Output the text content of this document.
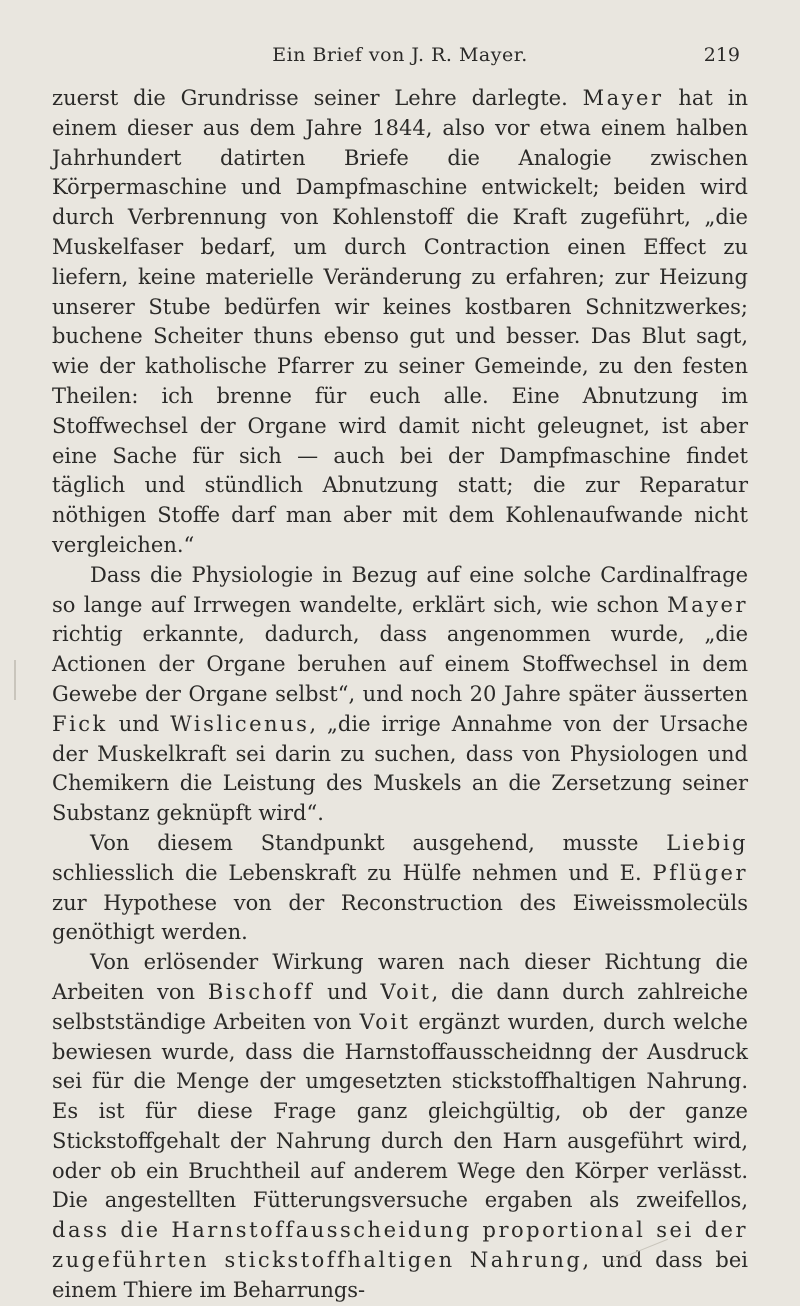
Ein Brief von J. R. Mayer.	219

zuerst die Grundrisse seiner Lehre darlegte. Mayer hat in einem dieser aus dem Jahre 1844, also vor etwa einem halben Jahrhundert datirten Briefe die Analogie zwischen Körpermaschine und Dampfmaschine entwickelt; beiden wird durch Verbrennung von Kohlenstoff die Kraft zugeführt, „die Muskelfaser bedarf, um durch Contraction einen Effect zu liefern, keine materielle Veränderung zu erfahren; zur Heizung unserer Stube bedürfen wir keines kostbaren Schnitzwerkes; buchene Scheiter thuns ebenso gut und besser. Das Blut sagt, wie der katholische Pfarrer zu seiner Gemeinde, zu den festen Theilen: ich brenne für euch alle. Eine Abnutzung im Stoffwechsel der Organe wird damit nicht geleugnet, ist aber eine Sache für sich — auch bei der Dampfmaschine findet täglich und stündlich Abnutzung statt; die zur Reparatur nöthigen Stoffe darf man aber mit dem Kohlenaufwande nicht vergleichen.“

Dass die Physiologie in Bezug auf eine solche Cardinalfrage so lange auf Irrwegen wandelte, erklärt sich, wie schon Mayer richtig erkannte, dadurch, dass angenommen wurde, „die Actionen der Organe beruhen auf einem Stoffwechsel in dem Gewebe der Organe selbst“, und noch 20 Jahre später äusserten Fick und Wislicenus, „die irrige Annahme von der Ursache der Muskelkraft sei darin zu suchen, dass von Physiologen und Chemikern die Leistung des Muskels an die Zersetzung seiner Substanz geknüpft wird“.

Von diesem Standpunkt ausgehend, musste Liebig schliesslich die Lebenskraft zu Hülfe nehmen und E. Pflüger zur Hypothese von der Reconstruction des Eiweissmolecüls genöthigt werden.

Von erlösender Wirkung waren nach dieser Richtung die Arbeiten von Bischoff und Voit, die dann durch zahlreiche selbstständige Arbeiten von Voit ergänzt wurden, durch welche bewiesen wurde, dass die Harnstoffausscheidnng der Ausdruck sei für die Menge der umgesetzten stickstoffhaltigen Nahrung. Es ist für diese Frage ganz gleichgültig, ob der ganze Stickstoffgehalt der Nahrung durch den Harn ausgeführt wird, oder ob ein Bruchtheil auf anderem Wege den Körper verlässt. Die angestellten Fütterungsversuche ergaben als zweifellos, dass die Harnstoffausscheidung proportional sei der zugeführten stickstoffhaltigen Nahrung, und dass bei einem Thiere im Beharrungs-
